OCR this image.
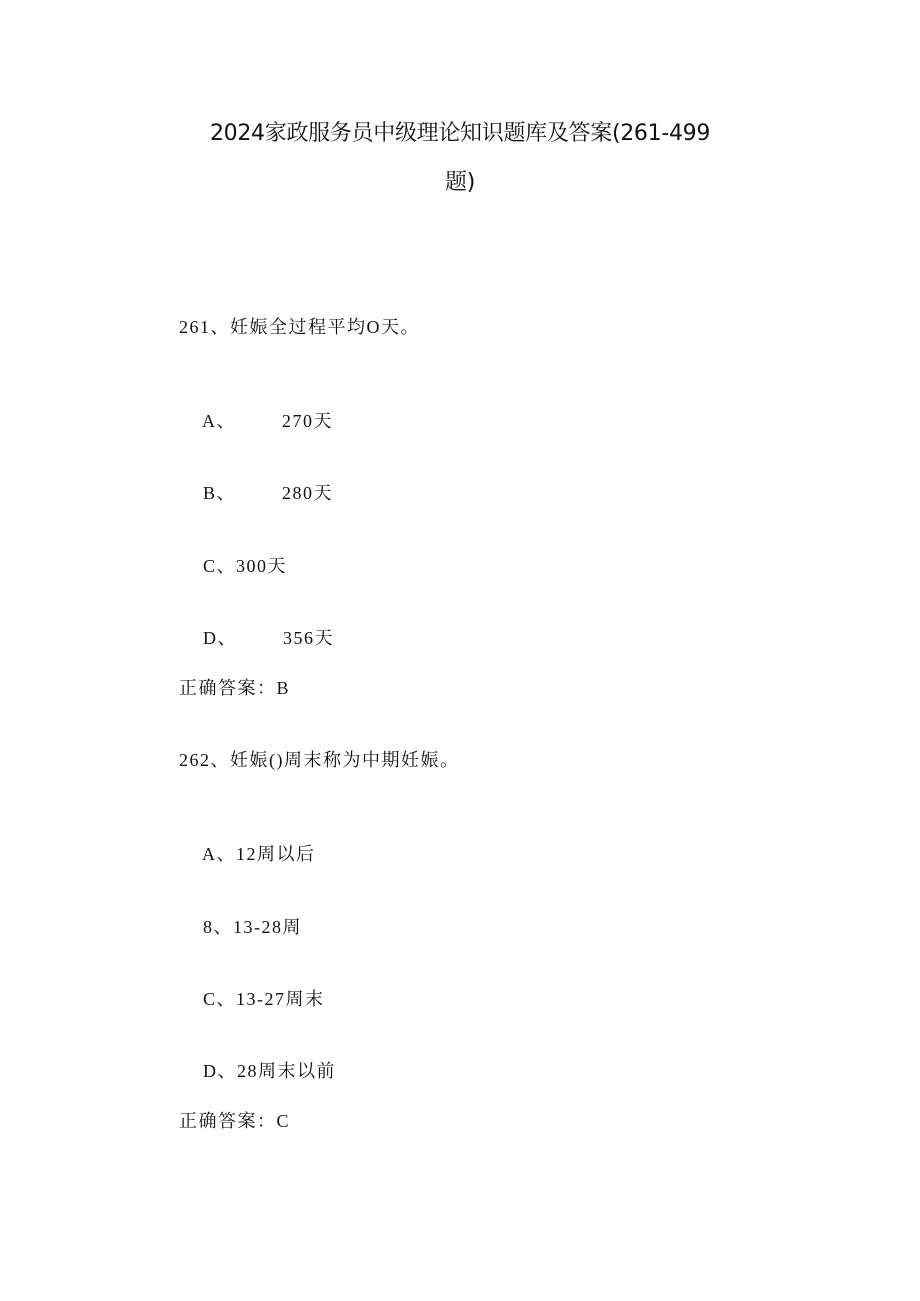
2024家政服务员中级理论知识题库及答案(261-499
题)
261、妊娠全过程平均O天。

A、	270天

B、	280天

C、300天

D、	356天

正确答案：B
262、妊娠()周末称为中期妊娠。

A、12周以后

8、13-28周

C、13-27周末

D、28周末以前

正确答案：C
